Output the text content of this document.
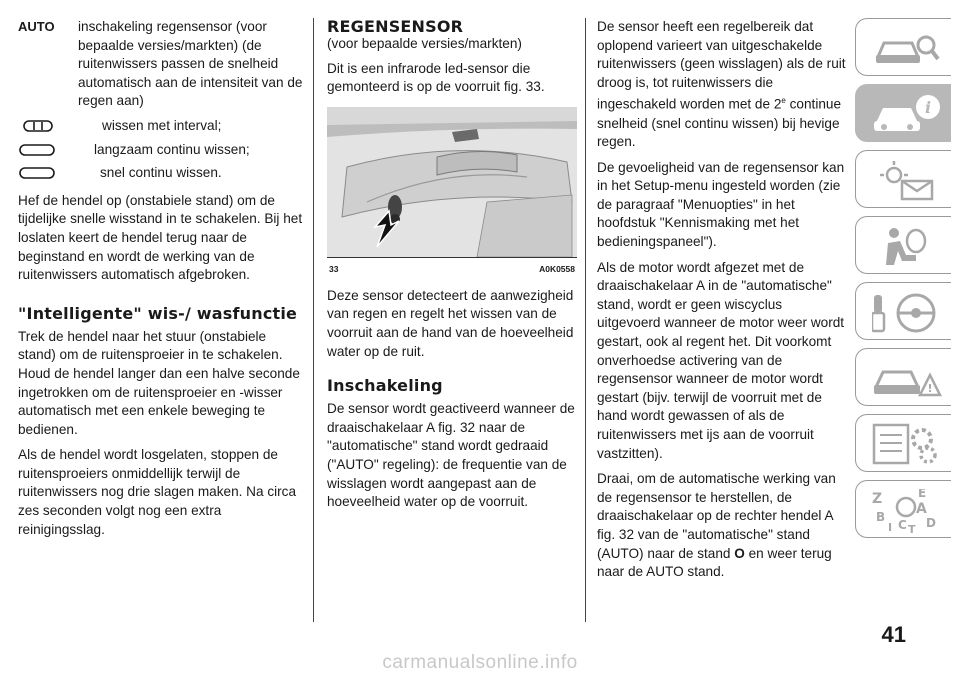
AUTO	inschakeling regensensor (voor bepaalde versies/markten) (de ruitenwissers passen de snelheid automatisch aan de intensiteit van de regen aan)
wissen met interval;
langzaam continu wissen;
snel continu wissen.

Hef de hendel op (onstabiele stand) om de tijdelijke snelle wisstand in te schakelen. Bij het loslaten keert de hendel terug naar de beginstand en wordt de werking van de ruitenwissers automatisch afgebroken.

"Intelligente" wis-/ wasfunctie

Trek de hendel naar het stuur (onstabiele stand) om de ruitensproeier in te schakelen. Houd de hendel langer dan een halve seconde ingetrokken om de ruitensproeier en -wisser automatisch met een enkele beweging te bedienen.

Als de hendel wordt losgelaten, stoppen de ruitensproeiers onmiddellijk terwijl de ruitenwissers nog drie slagen maken. Na circa zes seconden volgt nog een extra reinigingsslag.

REGENSENSOR

(voor bepaalde versies/markten)

Dit is een infrarode led-sensor die gemonteerd is op de voorruit fig. 33.

33	A0K0558

Deze sensor detecteert de aanwezigheid van regen en regelt het wissen van de voorruit aan de hand van de hoeveelheid water op de ruit.

Inschakeling

De sensor wordt geactiveerd wanneer de draaischakelaar A fig. 32 naar de "automatische" stand wordt gedraaid ("AUTO" regeling): de frequentie van de wisslagen wordt aangepast aan de hoeveelheid water op de voorruit.

De sensor heeft een regelbereik dat oplopend varieert van uitgeschakelde ruitenwissers (geen wisslagen) als de ruit droog is, tot ruitenwissers die ingeschakeld worden met de 2e continue snelheid (snel continu wissen) bij hevige regen.

De gevoeligheid van de regensensor kan in het Setup-menu ingesteld worden (zie de paragraaf "Menuopties" in het hoofdstuk "Kennismaking met het bedieningspaneel").

Als de motor wordt afgezet met de draaischakelaar A in de "automatische" stand, wordt er geen wiscyclus uitgevoerd wanneer de motor weer wordt gestart, ook al regent het. Dit voorkomt onverhoedse activering van de regensensor wanneer de motor wordt gestart (bijv. terwijl de voorruit met de hand wordt gewassen of als de ruitenwissers met ijs aan de voorruit vastzitten).

Draai, om de automatische werking van de regensensor te herstellen, de draaischakelaar op de rechter hendel A fig. 32 van de "automatische" stand (AUTO) naar de stand O en weer terug naar de AUTO stand.

i
!
Z	E
A
B
C D
I T
41
carmanualsonline.info
